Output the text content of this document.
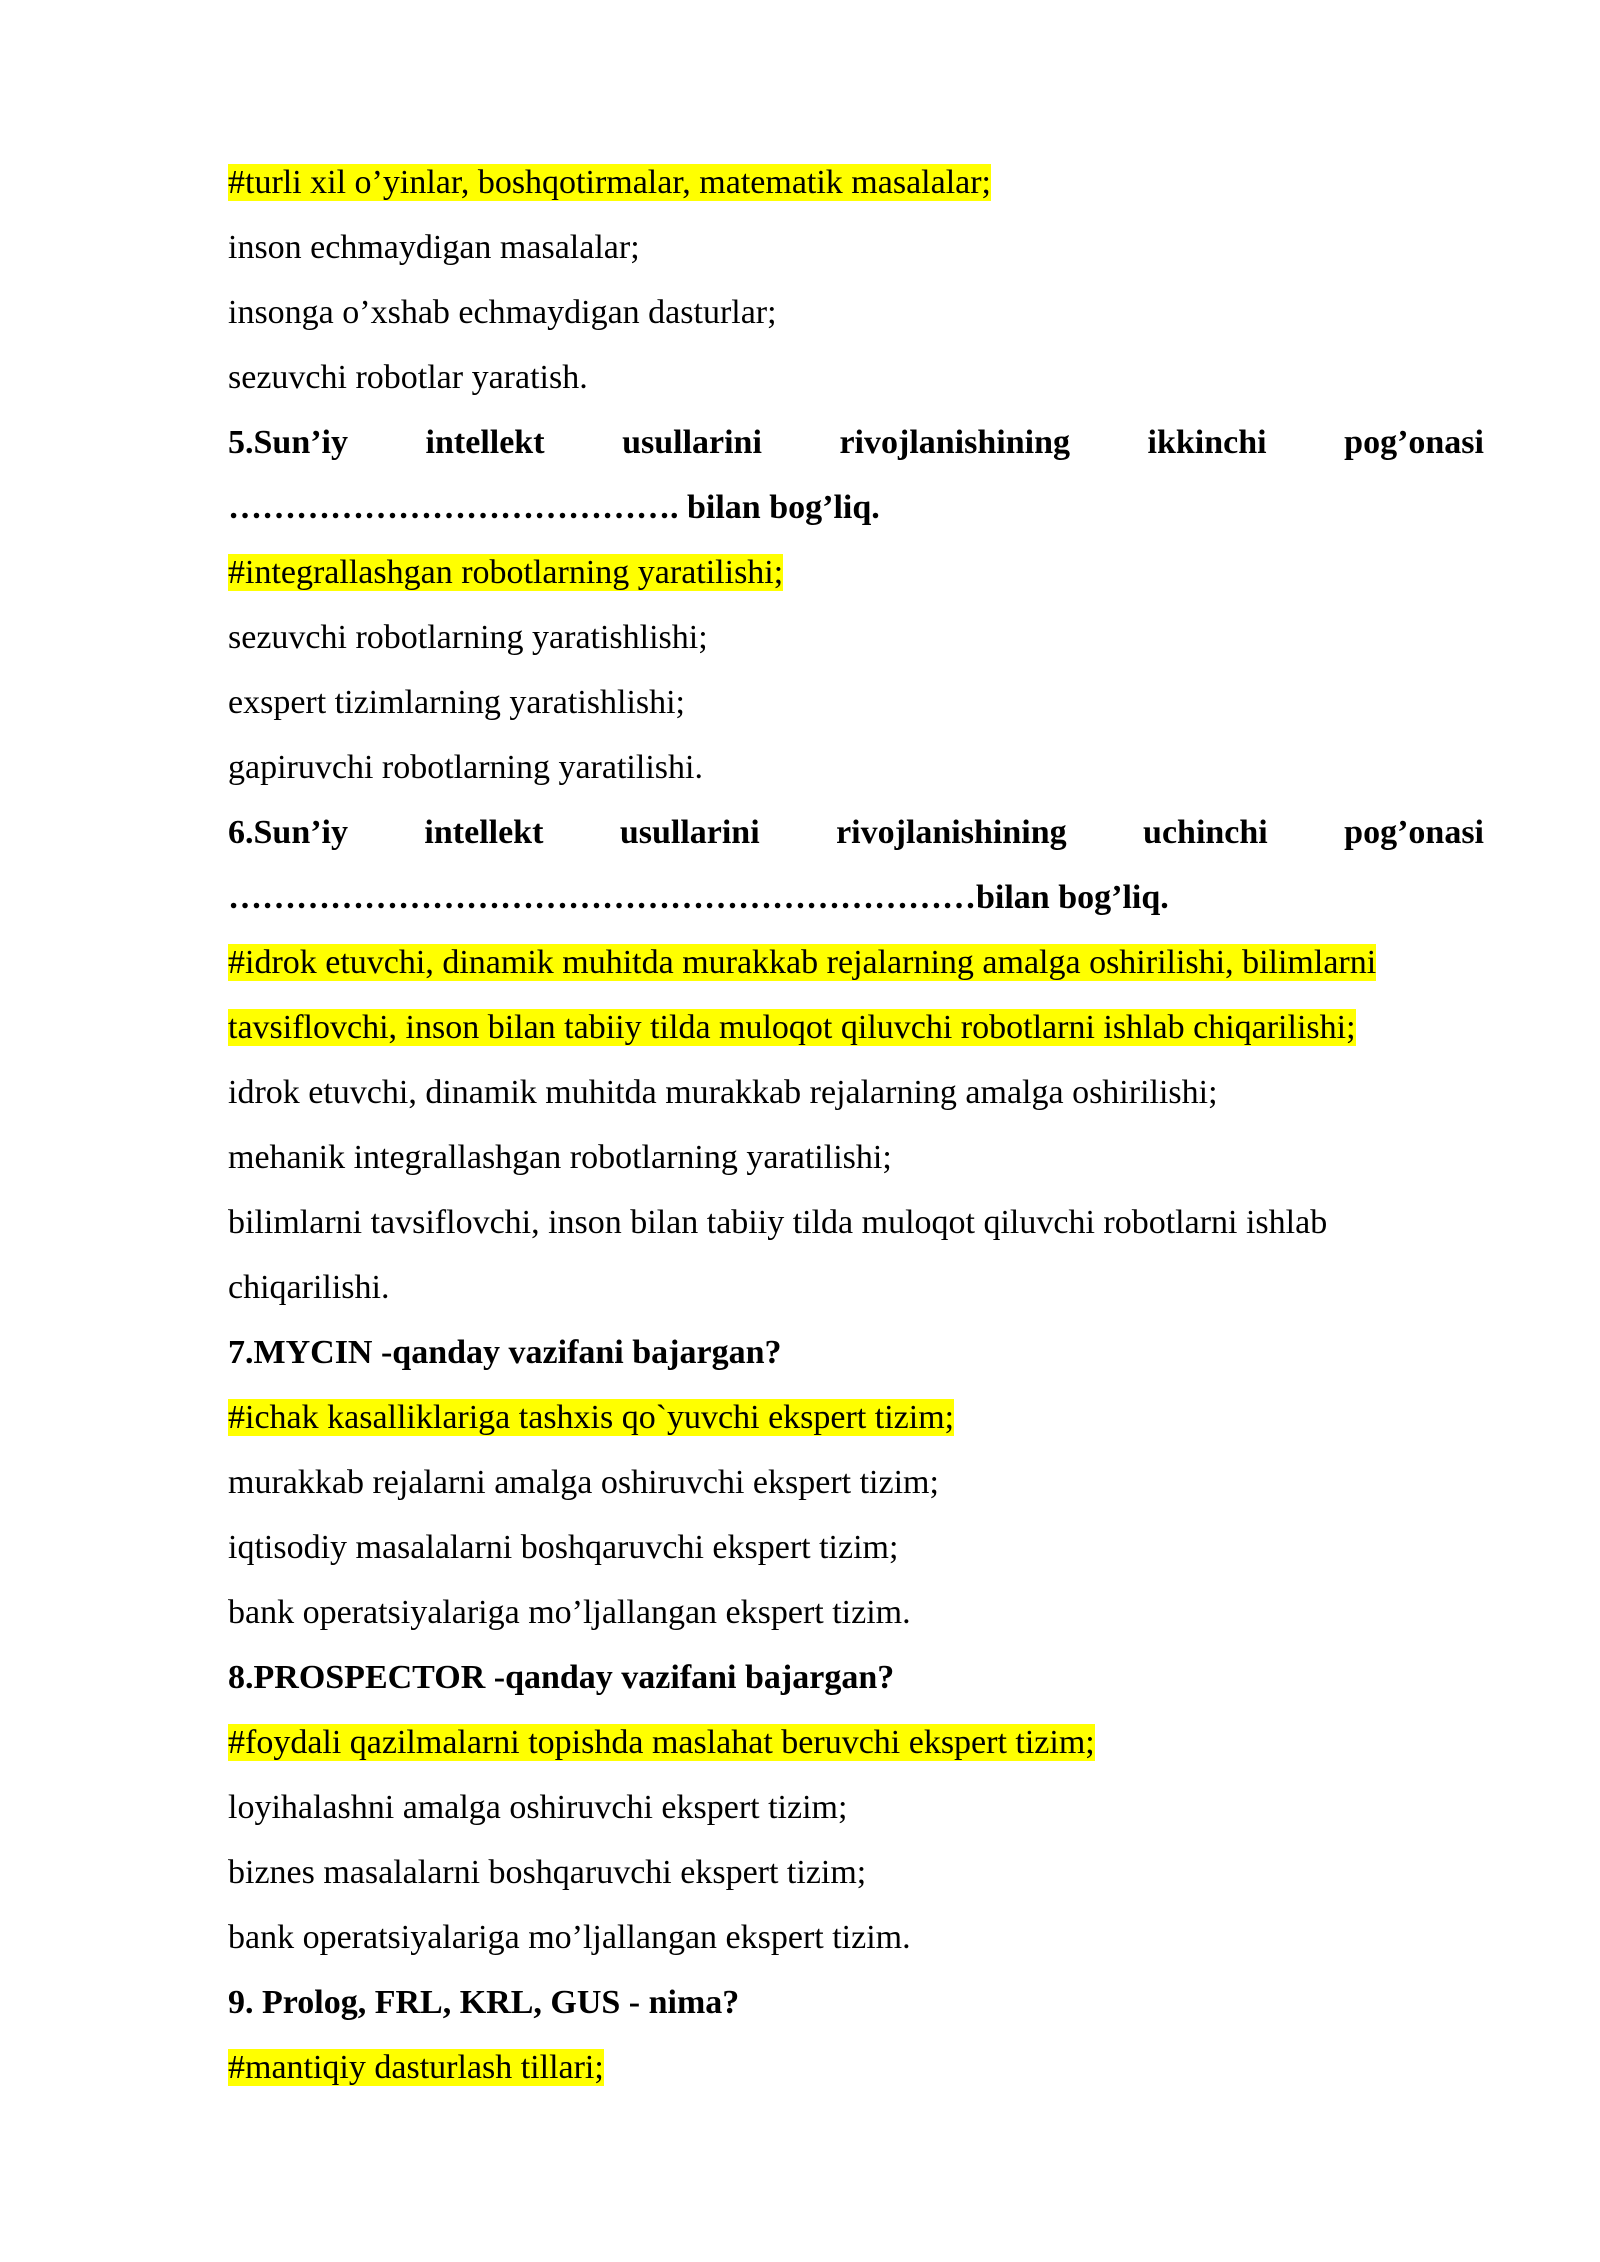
#turli xil o’yinlar, boshqotirmalar, matematik masalalar;
inson echmaydigan masalalar;
insonga o’xshab echmaydigan dasturlar;
sezuvchi robotlar yaratish.
5.Sun’iy intellekt usullarini rivojlanishining ikkinchi pog’onasi
…………………………………. bilan bog’liq.
#integrallashgan robotlarning yaratilishi;
sezuvchi robotlarning yaratishlishi;
exspert tizimlarning yaratishlishi;
gapiruvchi robotlarning yaratilishi.
6.Sun’iy intellekt usullarini rivojlanishining uchinchi pog’onasi
…………………………………………………………bilan bog’liq.
#idrok etuvchi, dinamik muhitda murakkab rejalarning amalga oshirilishi, bilimlarni
tavsiflovchi, inson bilan tabiiy tilda muloqot qiluvchi robotlarni ishlab chiqarilishi;
idrok etuvchi, dinamik muhitda murakkab rejalarning amalga oshirilishi;
mehanik integrallashgan robotlarning yaratilishi;
bilimlarni tavsiflovchi, inson bilan tabiiy tilda muloqot qiluvchi robotlarni ishlab
chiqarilishi.
7.MYCIN -qanday vazifani bajargan?
#ichak kasalliklariga tashxis qo`yuvchi ekspert tizim;
murakkab rejalarni amalga oshiruvchi ekspert tizim;
iqtisodiy masalalarni boshqaruvchi ekspert tizim;
bank operatsiyalariga mo’ljallangan ekspert tizim.
8.PROSPECTOR -qanday vazifani bajargan?
#foydali qazilmalarni topishda maslahat beruvchi ekspert tizim;
loyihalashni amalga oshiruvchi ekspert tizim;
biznes masalalarni boshqaruvchi ekspert tizim;
bank operatsiyalariga mo’ljallangan ekspert tizim.
9. Prolog, FRL, KRL, GUS - nima?
#mantiqiy dasturlash tillari;
